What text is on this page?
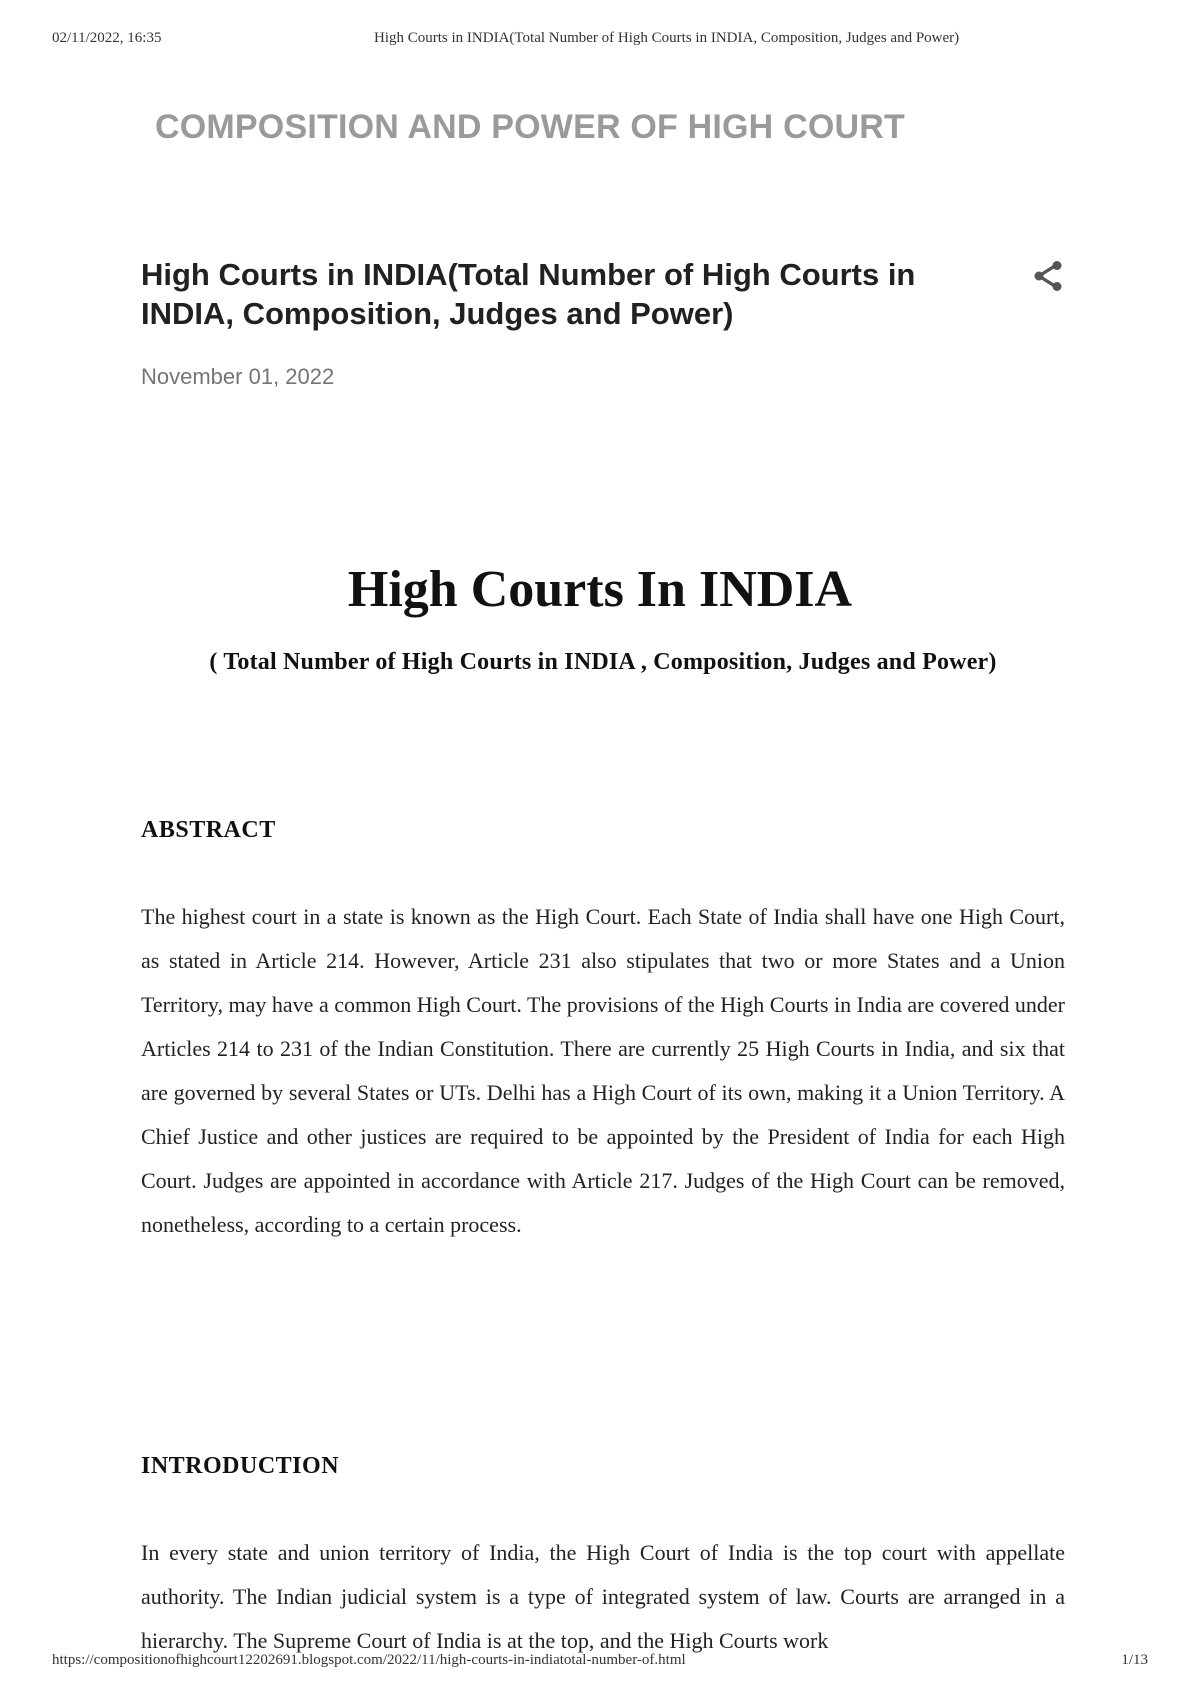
02/11/2022, 16:35	High Courts in INDIA(Total Number of High Courts in INDIA, Composition, Judges and Power)
COMPOSITION AND POWER OF HIGH COURT
High Courts in INDIA(Total Number of High Courts in INDIA, Composition, Judges and Power)
November 01, 2022
High Courts In INDIA

( Total Number of High Courts in INDIA , Composition, Judges and Power)

ABSTRACT

The highest court in a state is known as the High Court. Each State of India shall have one High Court, as stated in Article 214. However, Article 231 also stipulates that two or more States and a Union Territory, may have a common High Court. The provisions of the High Courts in India are covered under Articles 214 to 231 of the Indian Constitution. There are currently 25 High Courts in India, and six that are governed by several States or UTs. Delhi has a High Court of its own, making it a Union Territory. A Chief Justice and other justices are required to be appointed by the President of India for each High Court. Judges are appointed in accordance with Article 217. Judges of the High Court can be removed, nonetheless, according to a certain process.

INTRODUCTION

In every state and union territory of India, the High Court of India is the top court with appellate authority. The Indian judicial system is a type of integrated system of law. Courts are arranged in a hierarchy. The Supreme Court of India is at the top, and the High Courts work

https://compositionofhighcourt12202691.blogspot.com/2022/11/high-courts-in-indiatotal-number-of.html	1/13
